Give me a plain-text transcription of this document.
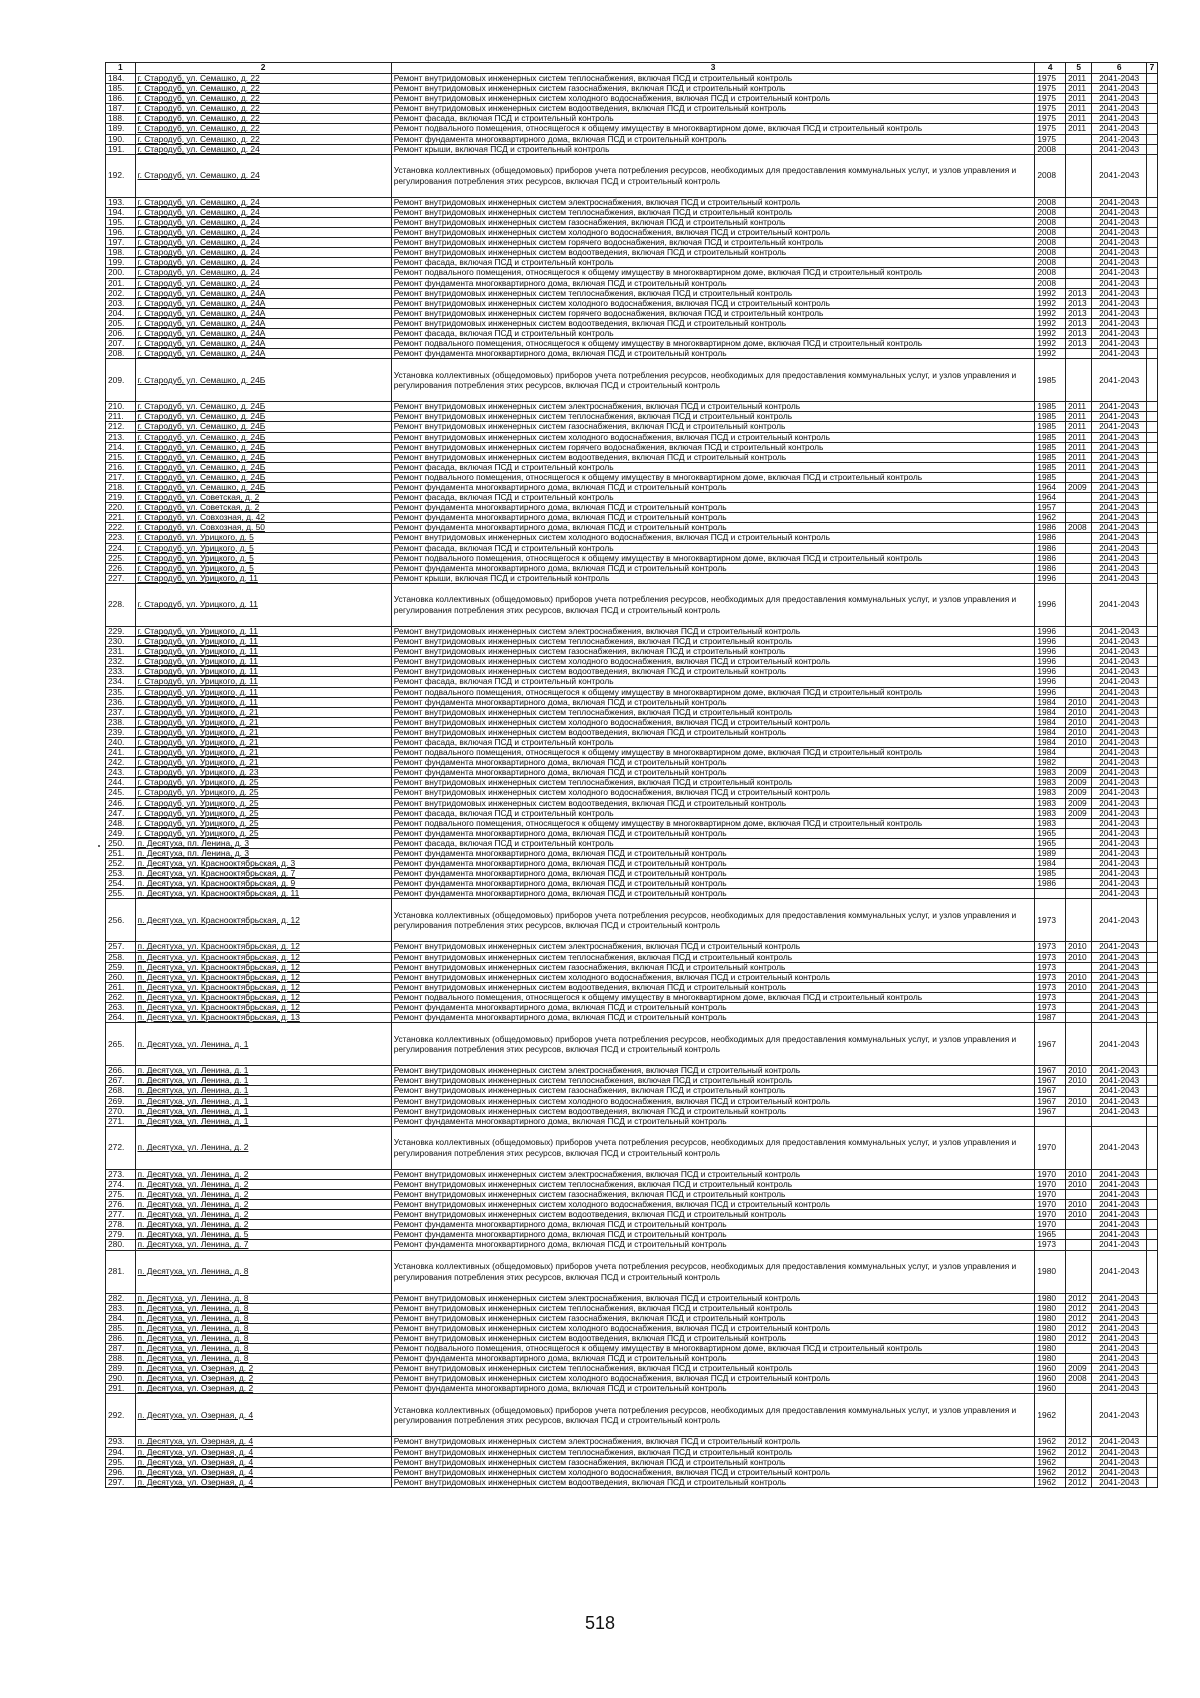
1	2	3	4	5	6	7
184.	г. Стародуб, ул. Семашко, д. 22	Ремонт внутридомовых инженерных систем теплоснабжения, включая ПСД и строительный контроль	1975	2011	2041-2043	
185.	г. Стародуб, ул. Семашко, д. 22	Ремонт внутридомовых инженерных систем газоснабжения, включая ПСД и строительный контроль	1975	2011	2041-2043	
186.	г. Стародуб, ул. Семашко, д. 22	Ремонт внутридомовых инженерных систем холодного водоснабжения, включая ПСД и строительный контроль	1975	2011	2041-2043	
187.	г. Стародуб, ул. Семашко, д. 22	Ремонт внутридомовых инженерных систем водоотведения, включая ПСД и строительный контроль	1975	2011	2041-2043	
188.	г. Стародуб, ул. Семашко, д. 22	Ремонт фасада, включая ПСД и строительный контроль	1975	2011	2041-2043	
189.	г. Стародуб, ул. Семашко, д. 22	Ремонт подвального помещения, относящегося к общему имуществу в многоквартирном доме, включая ПСД и строительный контроль	1975	2011	2041-2043	
190.	г. Стародуб, ул. Семашко, д. 22	Ремонт фундамента многоквартирного дома, включая ПСД и строительный контроль	1975		2041-2043	
191.	г. Стародуб, ул. Семашко, д. 24	Ремонт крыши, включая ПСД и строительный контроль	2008		2041-2043	
192.	г. Стародуб, ул. Семашко, д. 24	Установка коллективных (общедомовых) приборов учета потребления ресурсов, необходимых для предоставления коммунальных услуг, и узлов управления и регулирования потребления этих ресурсов, включая ПСД и строительный контроль	2008		2041-2043	
193.	г. Стародуб, ул. Семашко, д. 24	Ремонт внутридомовых инженерных систем электроснабжения, включая ПСД и строительный контроль	2008		2041-2043	
194.	г. Стародуб, ул. Семашко, д. 24	Ремонт внутридомовых инженерных систем теплоснабжения, включая ПСД и строительный контроль	2008		2041-2043	
195.	г. Стародуб, ул. Семашко, д. 24	Ремонт внутридомовых инженерных систем газоснабжения, включая ПСД и строительный контроль	2008		2041-2043	
196.	г. Стародуб, ул. Семашко, д. 24	Ремонт внутридомовых инженерных систем холодного водоснабжения, включая ПСД и строительный контроль	2008		2041-2043	
197.	г. Стародуб, ул. Семашко, д. 24	Ремонт внутридомовых инженерных систем горячего водоснабжения, включая ПСД и строительный контроль	2008		2041-2043	
198.	г. Стародуб, ул. Семашко, д. 24	Ремонт внутридомовых инженерных систем водоотведения, включая ПСД и строительный контроль	2008		2041-2043	
199.	г. Стародуб, ул. Семашко, д. 24	Ремонт фасада, включая ПСД и строительный контроль	2008		2041-2043	
200.	г. Стародуб, ул. Семашко, д. 24	Ремонт подвального помещения, относящегося к общему имуществу в многоквартирном доме, включая ПСД и строительный контроль	2008		2041-2043	
201.	г. Стародуб, ул. Семашко, д. 24	Ремонт фундамента многоквартирного дома, включая ПСД и строительный контроль	2008		2041-2043	
202.	г. Стародуб, ул. Семашко, д. 24А	Ремонт внутридомовых инженерных систем теплоснабжения, включая ПСД и строительный контроль	1992	2013	2041-2043	
203.	г. Стародуб, ул. Семашко, д. 24А	Ремонт внутридомовых инженерных систем холодного водоснабжения, включая ПСД и строительный контроль	1992	2013	2041-2043	
204.	г. Стародуб, ул. Семашко, д. 24А	Ремонт внутридомовых инженерных систем горячего водоснабжения, включая ПСД и строительный контроль	1992	2013	2041-2043	
205.	г. Стародуб, ул. Семашко, д. 24А	Ремонт внутридомовых инженерных систем водоотведения, включая ПСД и строительный контроль	1992	2013	2041-2043	
206.	г. Стародуб, ул. Семашко, д. 24А	Ремонт фасада, включая ПСД и строительный контроль	1992	2013	2041-2043	
207.	г. Стародуб, ул. Семашко, д. 24А	Ремонт подвального помещения, относящегося к общему имуществу в многоквартирном доме, включая ПСД и строительный контроль	1992	2013	2041-2043	
208.	г. Стародуб, ул. Семашко, д. 24А	Ремонт фундамента многоквартирного дома, включая ПСД и строительный контроль	1992		2041-2043	
209.	г. Стародуб, ул. Семашко, д. 24Б	Установка коллективных (общедомовых) приборов учета потребления ресурсов, необходимых для предоставления коммунальных услуг, и узлов управления и регулирования потребления этих ресурсов, включая ПСД и строительный контроль	1985		2041-2043	
210.	г. Стародуб, ул. Семашко, д. 24Б	Ремонт внутридомовых инженерных систем электроснабжения, включая ПСД и строительный контроль	1985	2011	2041-2043	
211.	г. Стародуб, ул. Семашко, д. 24Б	Ремонт внутридомовых инженерных систем теплоснабжения, включая ПСД и строительный контроль	1985	2011	2041-2043	
212.	г. Стародуб, ул. Семашко, д. 24Б	Ремонт внутридомовых инженерных систем газоснабжения, включая ПСД и строительный контроль	1985	2011	2041-2043	
213.	г. Стародуб, ул. Семашко, д. 24Б	Ремонт внутридомовых инженерных систем холодного водоснабжения, включая ПСД и строительный контроль	1985	2011	2041-2043	
214.	г. Стародуб, ул. Семашко, д. 24Б	Ремонт внутридомовых инженерных систем горячего водоснабжения, включая ПСД и строительный контроль	1985	2011	2041-2043	
215.	г. Стародуб, ул. Семашко, д. 24Б	Ремонт внутридомовых инженерных систем водоотведения, включая ПСД и строительный контроль	1985	2011	2041-2043	
216.	г. Стародуб, ул. Семашко, д. 24Б	Ремонт фасада, включая ПСД и строительный контроль	1985	2011	2041-2043	
217.	г. Стародуб, ул. Семашко, д. 24Б	Ремонт подвального помещения, относящегося к общему имуществу в многоквартирном доме, включая ПСД и строительный контроль	1985		2041-2043	
218.	г. Стародуб, ул. Семашко, д. 24Б	Ремонт фундамента многоквартирного дома, включая ПСД и строительный контроль	1964	2009	2041-2043	
219.	г. Стародуб, ул. Советская, д. 2	Ремонт фасада, включая ПСД и строительный контроль	1964		2041-2043	
220.	г. Стародуб, ул. Советская, д. 2	Ремонт фундамента многоквартирного дома, включая ПСД и строительный контроль	1957		2041-2043	
221.	г. Стародуб, ул. Совхозная, д. 42	Ремонт фундамента многоквартирного дома, включая ПСД и строительный контроль	1962		2041-2043	
222.	г. Стародуб, ул. Совхозная, д. 50	Ремонт фундамента многоквартирного дома, включая ПСД и строительный контроль	1986	2008	2041-2043	
223.	г. Стародуб, ул. Урицкого, д. 5	Ремонт внутридомовых инженерных систем холодного водоснабжения, включая ПСД и строительный контроль	1986		2041-2043	
224.	г. Стародуб, ул. Урицкого, д. 5	Ремонт фасада, включая ПСД и строительный контроль	1986		2041-2043	
225.	г. Стародуб, ул. Урицкого, д. 5	Ремонт подвального помещения, относящегося к общему имуществу в многоквартирном доме, включая ПСД и строительный контроль	1986		2041-2043	
226.	г. Стародуб, ул. Урицкого, д. 5	Ремонт фундамента многоквартирного дома, включая ПСД и строительный контроль	1986		2041-2043	
227.	г. Стародуб, ул. Урицкого, д. 11	Ремонт крыши, включая ПСД и строительный контроль	1996		2041-2043	
228.	г. Стародуб, ул. Урицкого, д. 11	Установка коллективных (общедомовых) приборов учета потребления ресурсов, необходимых для предоставления коммунальных услуг, и узлов управления и регулирования потребления этих ресурсов, включая ПСД и строительный контроль	1996		2041-2043	
229.	г. Стародуб, ул. Урицкого, д. 11	Ремонт внутридомовых инженерных систем электроснабжения, включая ПСД и строительный контроль	1996		2041-2043	
230.	г. Стародуб, ул. Урицкого, д. 11	Ремонт внутридомовых инженерных систем теплоснабжения, включая ПСД и строительный контроль	1996		2041-2043	
231.	г. Стародуб, ул. Урицкого, д. 11	Ремонт внутридомовых инженерных систем газоснабжения, включая ПСД и строительный контроль	1996		2041-2043	
232.	г. Стародуб, ул. Урицкого, д. 11	Ремонт внутридомовых инженерных систем холодного водоснабжения, включая ПСД и строительный контроль	1996		2041-2043	
233.	г. Стародуб, ул. Урицкого, д. 11	Ремонт внутридомовых инженерных систем водоотведения, включая ПСД и строительный контроль	1996		2041-2043	
234.	г. Стародуб, ул. Урицкого, д. 11	Ремонт фасада, включая ПСД и строительный контроль	1996		2041-2043	
235.	г. Стародуб, ул. Урицкого, д. 11	Ремонт подвального помещения, относящегося к общему имуществу в многоквартирном доме, включая ПСД и строительный контроль	1996		2041-2043	
236.	г. Стародуб, ул. Урицкого, д. 11	Ремонт фундамента многоквартирного дома, включая ПСД и строительный контроль	1984	2010	2041-2043	
237.	г. Стародуб, ул. Урицкого, д. 21	Ремонт внутридомовых инженерных систем теплоснабжения, включая ПСД и строительный контроль	1984	2010	2041-2043	
238.	г. Стародуб, ул. Урицкого, д. 21	Ремонт внутридомовых инженерных систем холодного водоснабжения, включая ПСД и строительный контроль	1984	2010	2041-2043	
239.	г. Стародуб, ул. Урицкого, д. 21	Ремонт внутридомовых инженерных систем водоотведения, включая ПСД и строительный контроль	1984	2010	2041-2043	
240.	г. Стародуб, ул. Урицкого, д. 21	Ремонт фасада, включая ПСД и строительный контроль	1984	2010	2041-2043	
241.	г. Стародуб, ул. Урицкого, д. 21	Ремонт подвального помещения, относящегося к общему имуществу в многоквартирном доме, включая ПСД и строительный контроль	1984		2041-2043	
242.	г. Стародуб, ул. Урицкого, д. 21	Ремонт фундамента многоквартирного дома, включая ПСД и строительный контроль	1982		2041-2043	
243.	г. Стародуб, ул. Урицкого, д. 23	Ремонт фундамента многоквартирного дома, включая ПСД и строительный контроль	1983	2009	2041-2043	
244.	г. Стародуб, ул. Урицкого, д. 25	Ремонт внутридомовых инженерных систем теплоснабжения, включая ПСД и строительный контроль	1983	2009	2041-2043	
245.	г. Стародуб, ул. Урицкого, д. 25	Ремонт внутридомовых инженерных систем холодного водоснабжения, включая ПСД и строительный контроль	1983	2009	2041-2043	
246.	г. Стародуб, ул. Урицкого, д. 25	Ремонт внутридомовых инженерных систем водоотведения, включая ПСД и строительный контроль	1983	2009	2041-2043	
247.	г. Стародуб, ул. Урицкого, д. 25	Ремонт фасада, включая ПСД и строительный контроль	1983	2009	2041-2043	
248.	г. Стародуб, ул. Урицкого, д. 25	Ремонт подвального помещения, относящегося к общему имуществу в многоквартирном доме, включая ПСД и строительный контроль	1983		2041-2043	
249.	г. Стародуб, ул. Урицкого, д. 25	Ремонт фундамента многоквартирного дома, включая ПСД и строительный контроль	1965		2041-2043	
250.	п. Десятуха, пл. Ленина, д. 3	Ремонт фасада, включая ПСД и строительный контроль	1965		2041-2043	
251.	п. Десятуха, пл. Ленина, д. 3	Ремонт фундамента многоквартирного дома, включая ПСД и строительный контроль	1989		2041-2043	
252.	п. Десятуха, ул. Краснооктябрьская, д. 3	Ремонт фундамента многоквартирного дома, включая ПСД и строительный контроль	1984		2041-2043	
253.	п. Десятуха, ул. Краснооктябрьская, д. 7	Ремонт фундамента многоквартирного дома, включая ПСД и строительный контроль	1985		2041-2043	
254.	п. Десятуха, ул. Краснооктябрьская, д. 9	Ремонт фундамента многоквартирного дома, включая ПСД и строительный контроль	1986		2041-2043	
255.	п. Десятуха, ул. Краснооктябрьская, д. 11	Ремонт фундамента многоквартирного дома, включая ПСД и строительный контроль			2041-2043	
256.	п. Десятуха, ул. Краснооктябрьская, д. 12	Установка коллективных (общедомовых) приборов учета потребления ресурсов, необходимых для предоставления коммунальных услуг, и узлов управления и регулирования потребления этих ресурсов, включая ПСД и строительный контроль	1973		2041-2043	
257.	п. Десятуха, ул. Краснооктябрьская, д. 12	Ремонт внутридомовых инженерных систем электроснабжения, включая ПСД и строительный контроль	1973	2010	2041-2043	
258.	п. Десятуха, ул. Краснооктябрьская, д. 12	Ремонт внутридомовых инженерных систем теплоснабжения, включая ПСД и строительный контроль	1973	2010	2041-2043	
259.	п. Десятуха, ул. Краснооктябрьская, д. 12	Ремонт внутридомовых инженерных систем газоснабжения, включая ПСД и строительный контроль	1973		2041-2043	
260.	п. Десятуха, ул. Краснооктябрьская, д. 12	Ремонт внутридомовых инженерных систем холодного водоснабжения, включая ПСД и строительный контроль	1973	2010	2041-2043	
261.	п. Десятуха, ул. Краснооктябрьская, д. 12	Ремонт внутридомовых инженерных систем водоотведения, включая ПСД и строительный контроль	1973	2010	2041-2043	
262.	п. Десятуха, ул. Краснооктябрьская, д. 12	Ремонт подвального помещения, относящегося к общему имуществу в многоквартирном доме, включая ПСД и строительный контроль	1973		2041-2043	
263.	п. Десятуха, ул. Краснооктябрьская, д. 12	Ремонт фундамента многоквартирного дома, включая ПСД и строительный контроль	1973		2041-2043	
264.	п. Десятуха, ул. Краснооктябрьская, д. 13	Ремонт фундамента многоквартирного дома, включая ПСД и строительный контроль	1987		2041-2043	
265.	п. Десятуха, ул. Ленина, д. 1	Установка коллективных (общедомовых) приборов учета потребления ресурсов, необходимых для предоставления коммунальных услуг, и узлов управления и регулирования потребления этих ресурсов, включая ПСД и строительный контроль	1967		2041-2043	
266.	п. Десятуха, ул. Ленина, д. 1	Ремонт внутридомовых инженерных систем электроснабжения, включая ПСД и строительный контроль	1967	2010	2041-2043	
267.	п. Десятуха, ул. Ленина, д. 1	Ремонт внутридомовых инженерных систем теплоснабжения, включая ПСД и строительный контроль	1967	2010	2041-2043	
268.	п. Десятуха, ул. Ленина, д. 1	Ремонт внутридомовых инженерных систем газоснабжения, включая ПСД и строительный контроль	1967		2041-2043	
269.	п. Десятуха, ул. Ленина, д. 1	Ремонт внутридомовых инженерных систем холодного водоснабжения, включая ПСД и строительный контроль	1967	2010	2041-2043	
270.	п. Десятуха, ул. Ленина, д. 1	Ремонт внутридомовых инженерных систем водоотведения, включая ПСД и строительный контроль	1967		2041-2043	
271.	п. Десятуха, ул. Ленина, д. 1	Ремонт фундамента многоквартирного дома, включая ПСД и строительный контроль				
272.	п. Десятуха, ул. Ленина, д. 2	Установка коллективных (общедомовых) приборов учета потребления ресурсов, необходимых для предоставления коммунальных услуг, и узлов управления и регулирования потребления этих ресурсов, включая ПСД и строительный контроль	1970		2041-2043	
273.	п. Десятуха, ул. Ленина, д. 2	Ремонт внутридомовых инженерных систем электроснабжения, включая ПСД и строительный контроль	1970	2010	2041-2043	
274.	п. Десятуха, ул. Ленина, д. 2	Ремонт внутридомовых инженерных систем теплоснабжения, включая ПСД и строительный контроль	1970	2010	2041-2043	
275.	п. Десятуха, ул. Ленина, д. 2	Ремонт внутридомовых инженерных систем газоснабжения, включая ПСД и строительный контроль	1970		2041-2043	
276.	п. Десятуха, ул. Ленина, д. 2	Ремонт внутридомовых инженерных систем холодного водоснабжения, включая ПСД и строительный контроль	1970	2010	2041-2043	
277.	п. Десятуха, ул. Ленина, д. 2	Ремонт внутридомовых инженерных систем водоотведения, включая ПСД и строительный контроль	1970	2010	2041-2043	
278.	п. Десятуха, ул. Ленина, д. 2	Ремонт фундамента многоквартирного дома, включая ПСД и строительный контроль	1970		2041-2043	
279.	п. Десятуха, ул. Ленина, д. 5	Ремонт фундамента многоквартирного дома, включая ПСД и строительный контроль	1965		2041-2043	
280.	п. Десятуха, ул. Ленина, д. 7	Ремонт фундамента многоквартирного дома, включая ПСД и строительный контроль	1973		2041-2043	
281.	п. Десятуха, ул. Ленина, д. 8	Установка коллективных (общедомовых) приборов учета потребления ресурсов, необходимых для предоставления коммунальных услуг, и узлов управления и регулирования потребления этих ресурсов, включая ПСД и строительный контроль	1980		2041-2043	
282.	п. Десятуха, ул. Ленина, д. 8	Ремонт внутридомовых инженерных систем электроснабжения, включая ПСД и строительный контроль	1980	2012	2041-2043	
283.	п. Десятуха, ул. Ленина, д. 8	Ремонт внутридомовых инженерных систем теплоснабжения, включая ПСД и строительный контроль	1980	2012	2041-2043	
284.	п. Десятуха, ул. Ленина, д. 8	Ремонт внутридомовых инженерных систем газоснабжения, включая ПСД и строительный контроль	1980	2012	2041-2043	
285.	п. Десятуха, ул. Ленина, д. 8	Ремонт внутридомовых инженерных систем холодного водоснабжения, включая ПСД и строительный контроль	1980	2012	2041-2043	
286.	п. Десятуха, ул. Ленина, д. 8	Ремонт внутридомовых инженерных систем водоотведения, включая ПСД и строительный контроль	1980	2012	2041-2043	
287.	п. Десятуха, ул. Ленина, д. 8	Ремонт подвального помещения, относящегося к общему имуществу в многоквартирном доме, включая ПСД и строительный контроль	1980		2041-2043	
288.	п. Десятуха, ул. Ленина, д. 8	Ремонт фундамента многоквартирного дома, включая ПСД и строительный контроль	1980		2041-2043	
289.	п. Десятуха, ул. Озерная, д. 2	Ремонт внутридомовых инженерных систем теплоснабжения, включая ПСД и строительный контроль	1960	2009	2041-2043	
290.	п. Десятуха, ул. Озерная, д. 2	Ремонт внутридомовых инженерных систем холодного водоснабжения, включая ПСД и строительный контроль	1960	2008	2041-2043	
291.	п. Десятуха, ул. Озерная, д. 2	Ремонт фундамента многоквартирного дома, включая ПСД и строительный контроль	1960		2041-2043	
292.	п. Десятуха, ул. Озерная, д. 4	Установка коллективных (общедомовых) приборов учета потребления ресурсов, необходимых для предоставления коммунальных услуг, и узлов управления и регулирования потребления этих ресурсов, включая ПСД и строительный контроль	1962		2041-2043	
293.	п. Десятуха, ул. Озерная, д. 4	Ремонт внутридомовых инженерных систем электроснабжения, включая ПСД и строительный контроль	1962	2012	2041-2043	
294.	п. Десятуха, ул. Озерная, д. 4	Ремонт внутридомовых инженерных систем теплоснабжения, включая ПСД и строительный контроль	1962	2012	2041-2043	
295.	п. Десятуха, ул. Озерная, д. 4	Ремонт внутридомовых инженерных систем газоснабжения, включая ПСД и строительный контроль	1962		2041-2043	
296.	п. Десятуха, ул. Озерная, д. 4	Ремонт внутридомовых инженерных систем холодного водоснабжения, включая ПСД и строительный контроль	1962	2012	2041-2043	
297.	п. Десятуха, ул. Озерная, д. 4	Ремонт внутридомовых инженерных систем водоотведения, включая ПСД и строительный контроль	1962	2012	2041-2043	
518
